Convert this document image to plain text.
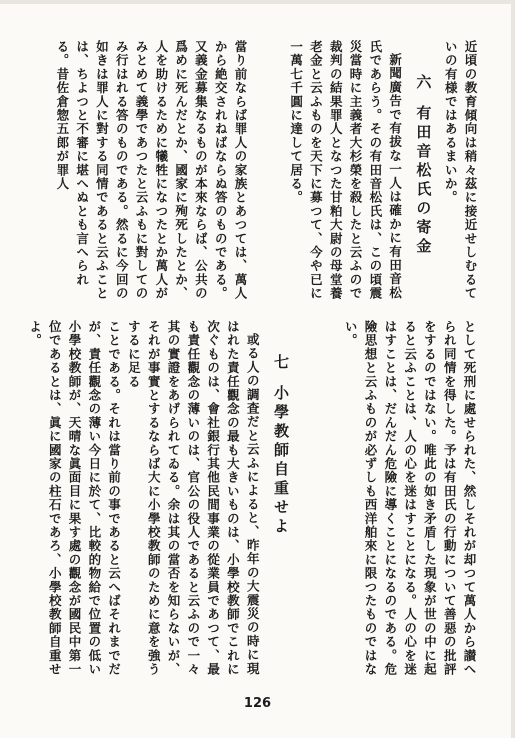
近頃の教育傾向は稍々茲に接近せしむるていの有様ではあるまいか。
六有田音松氏の寄金
新聞廣告で有拔な一人は確かに有田音松氏であらう。その有田音松氏は、この頃震災當時に主義者大杉榮を殺したと云ふので裁判の結果罪人となつた甘粕大尉の母堂養老金と云ふものを天下に募つて、今や已に一萬七千圓に達して居る。
當り前ならば罪人の家族とあつては、萬人から絶交されねばならぬ答のものである。又義金募集なるものが本來ならば、公共の爲めに死んだとか、國家に殉死したとか、人を助けるために犧牲になつたとか萬人がみとめて義學であつたと云ふもに對してのみ行はれる答のものである。然るに今回の如きは罪人に對する同情であると云ふことは、ちよつと不審に堪へぬとも言へられる。昔佐倉惣五郎が罪人
として死刑に處せられた、然しそれが却つて萬人から讃へられ同情を得した。予は有田氏の行動について善惡の批評をするのではない。唯此の如き矛盾した現象が世の中に起ると云ふことは、人の心を迷はすことになる。人の心を迷はすことは、だんだん危險に導くことになるのである。危險思想と云ふものが必ずしも西洋舶來に限つたものではない。
七小學教師自重せよ
或る人の調査だと云ふによると、昨年の大震災の時に現はれた責任觀念の最も大きいものは、小學校教師でこれに次ぐものは、會社銀行其他民間事業の從業員であつて、最も責任觀念の薄いのは、官公の役人であると云ふので一々其の實證をあげられてゐる。余は其の當否を知らないが、それが事實とするならば大に小學校教師のために意を強うするに足る
ことである。それは當り前の事であると云へばそれまでだが、責任觀念の薄い今日に於て、比較的物給で位置の低い小學校教師が、天晴な眞面目に果す處の觀念が國民中第一位であるとは、眞に國家の柱石であろ、小學校教師自重せよ。
126
